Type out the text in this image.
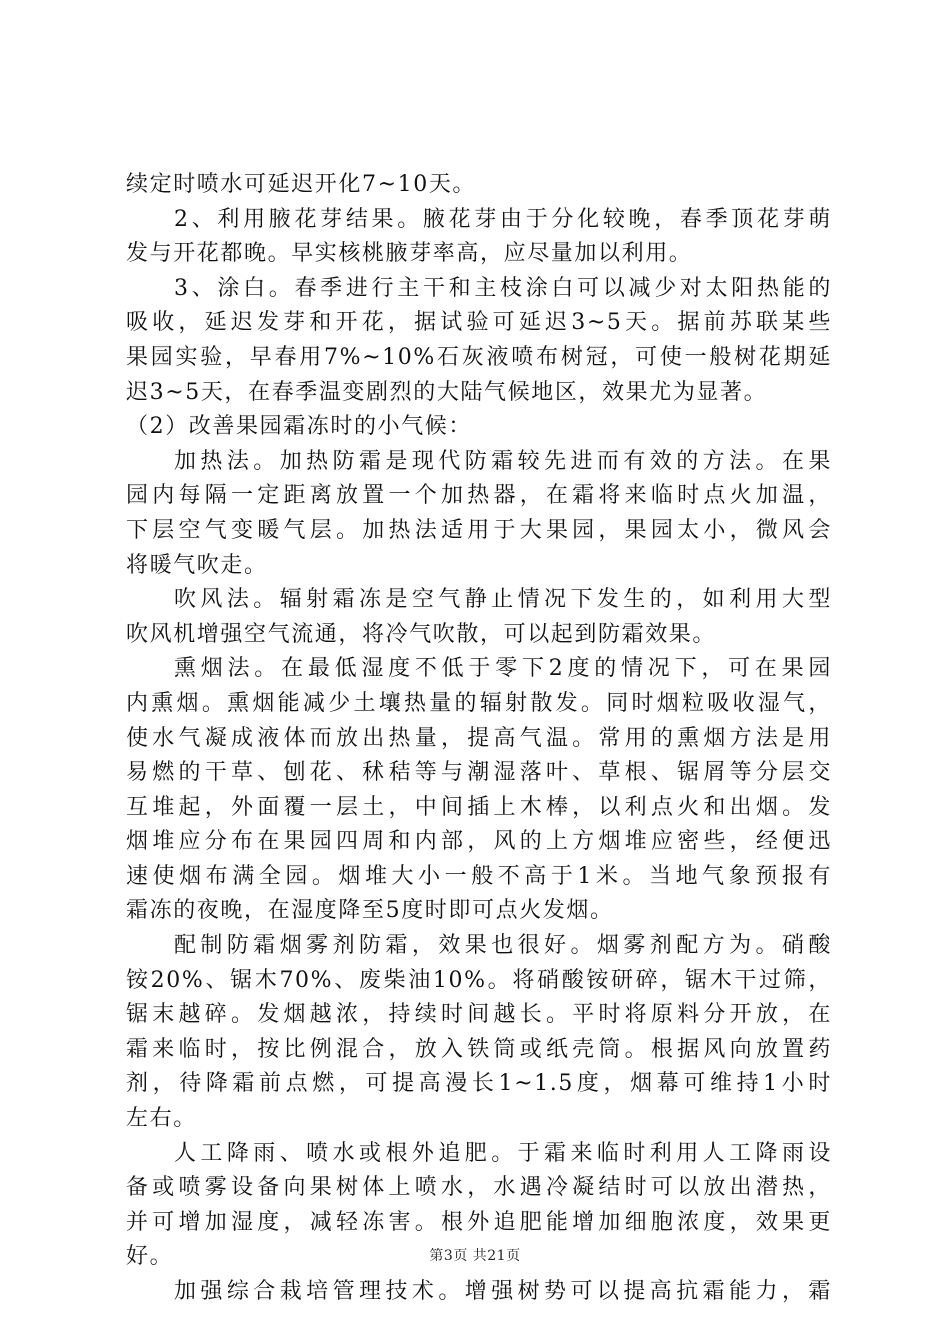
续定时喷水可延迟开化7~10天。
2、利用腋花芽结果。腋花芽由于分化较晚，春季顶花芽萌
发与开花都晚。早实核桃腋芽率高，应尽量加以利用。
3、涂白。春季进行主干和主枝涂白可以减少对太阳热能的
吸收，延迟发芽和开花，据试验可延迟3~5天。据前苏联某些
果园实验，早春用7%~10%石灰液喷布树冠，可使一般树花期延
迟3~5天，在春季温变剧烈的大陆气候地区，效果尤为显著。
（2）改善果园霜冻时的小气候：
加热法。加热防霜是现代防霜较先进而有效的方法。在果
园内每隔一定距离放置一个加热器，在霜将来临时点火加温，
下层空气变暖气层。加热法适用于大果园，果园太小，微风会
将暖气吹走。
吹风法。辐射霜冻是空气静止情况下发生的，如利用大型
吹风机增强空气流通，将冷气吹散，可以起到防霜效果。
熏烟法。在最低湿度不低于零下2度的情况下，可在果园
内熏烟。熏烟能减少土壤热量的辐射散发。同时烟粒吸收湿气，
使水气凝成液体而放出热量，提高气温。常用的熏烟方法是用
易燃的干草、刨花、秫秸等与潮湿落叶、草根、锯屑等分层交
互堆起，外面覆一层土，中间插上木棒，以利点火和出烟。发
烟堆应分布在果园四周和内部，风的上方烟堆应密些，经便迅
速使烟布满全园。烟堆大小一般不高于1米。当地气象预报有
霜冻的夜晚，在湿度降至5度时即可点火发烟。
配制防霜烟雾剂防霜，效果也很好。烟雾剂配方为。硝酸
铵20%、锯木70%、废柴油10%。将硝酸铵研碎，锯木干过筛，
锯末越碎。发烟越浓，持续时间越长。平时将原料分开放，在
霜来临时，按比例混合，放入铁筒或纸壳筒。根据风向放置药
剂，待降霜前点燃，可提高漫长1~1.5度，烟幕可维持1小时
左右。
人工降雨、喷水或根外追肥。于霜来临时利用人工降雨设
备或喷雾设备向果树体上喷水，水遇冷凝结时可以放出潜热，
并可增加湿度，减轻冻害。根外追肥能增加细胞浓度，效果更
好。
加强综合栽培管理技术。增强树势可以提高抗霜能力，霜
第3页 共21页
